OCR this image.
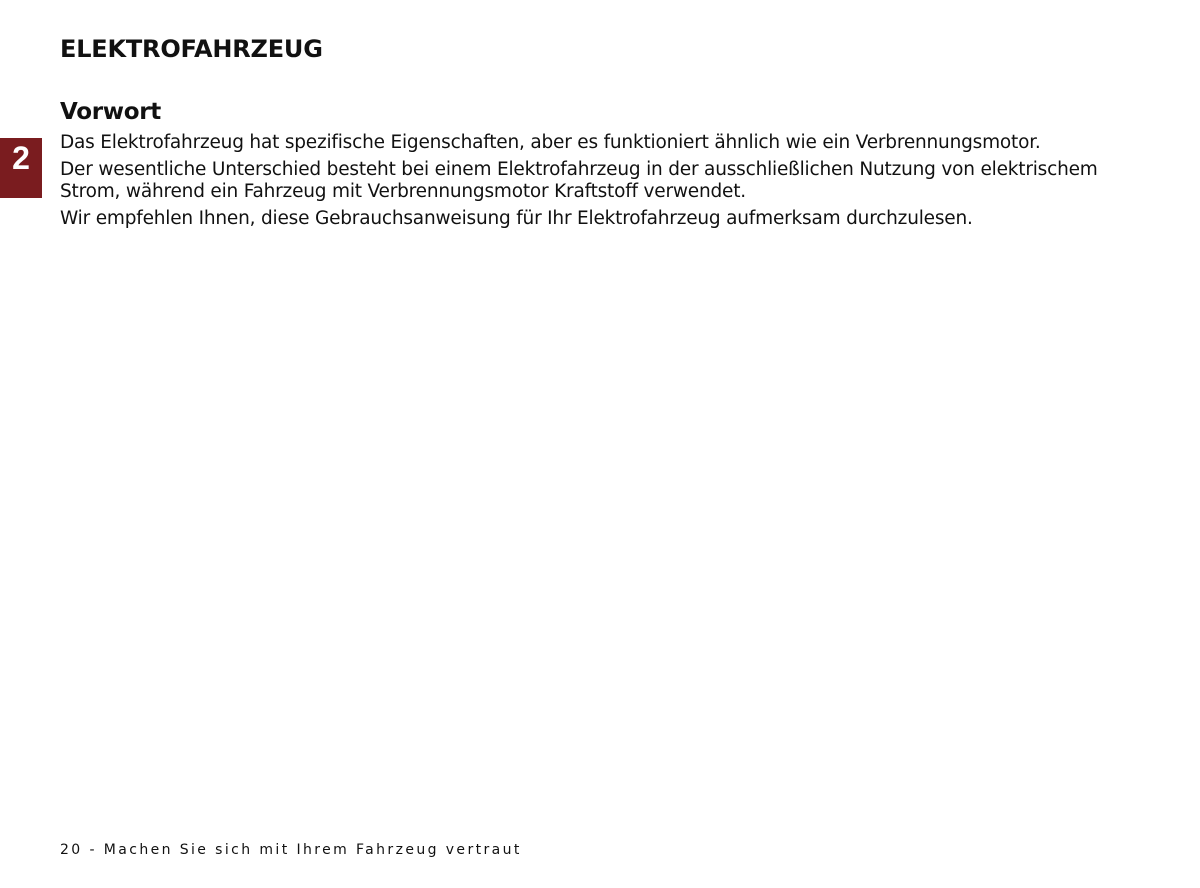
ELEKTROFAHRZEUG
2
Vorwort

Das Elektrofahrzeug hat spezifische Eigenschaften, aber es funktioniert ähnlich wie ein Verbrennungsmotor.

Der wesentliche Unterschied besteht bei einem Elektrofahrzeug in der ausschließlichen Nutzung von elektrischem Strom, während ein Fahrzeug mit Verbrennungsmotor Kraftstoff verwendet.

Wir empfehlen Ihnen, diese Gebrauchsanweisung für Ihr Elektrofahrzeug aufmerksam durchzulesen.

20 - Machen Sie sich mit Ihrem Fahrzeug vertraut
